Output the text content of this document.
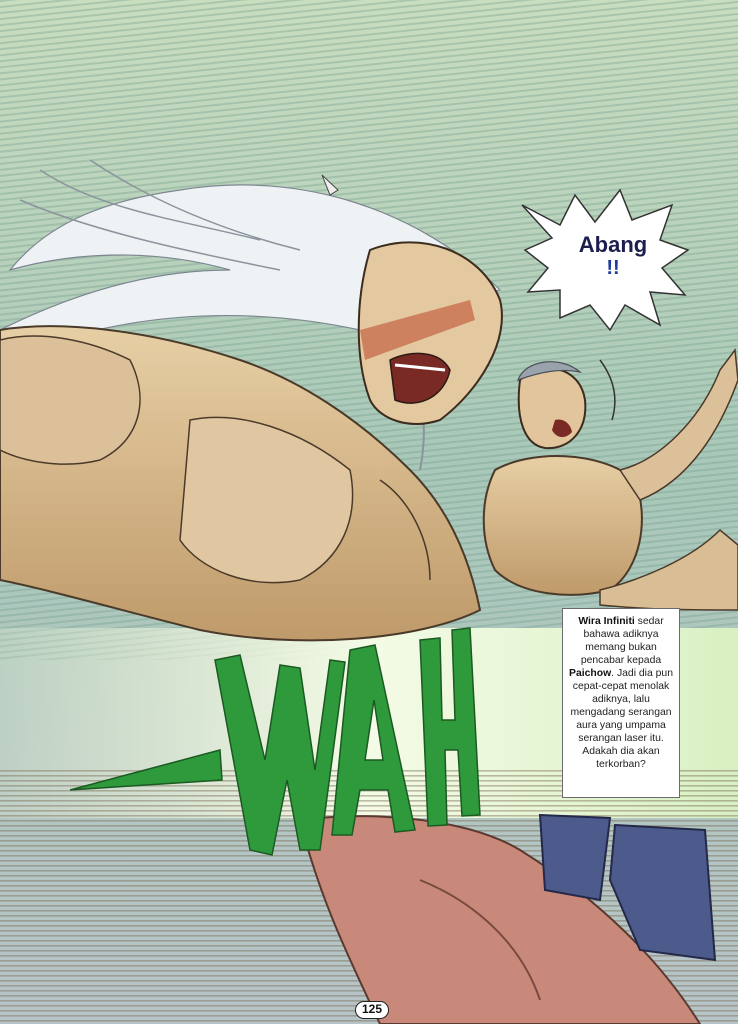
Abang
!!
Wira Infiniti sedar bahawa adiknya memang bukan pencabar kepada Paichow. Jadi dia pun cepat-cepat menolak adiknya, lalu mengadang serangan aura yang umpama serangan laser itu. Adakah dia akan terkorban?
125
